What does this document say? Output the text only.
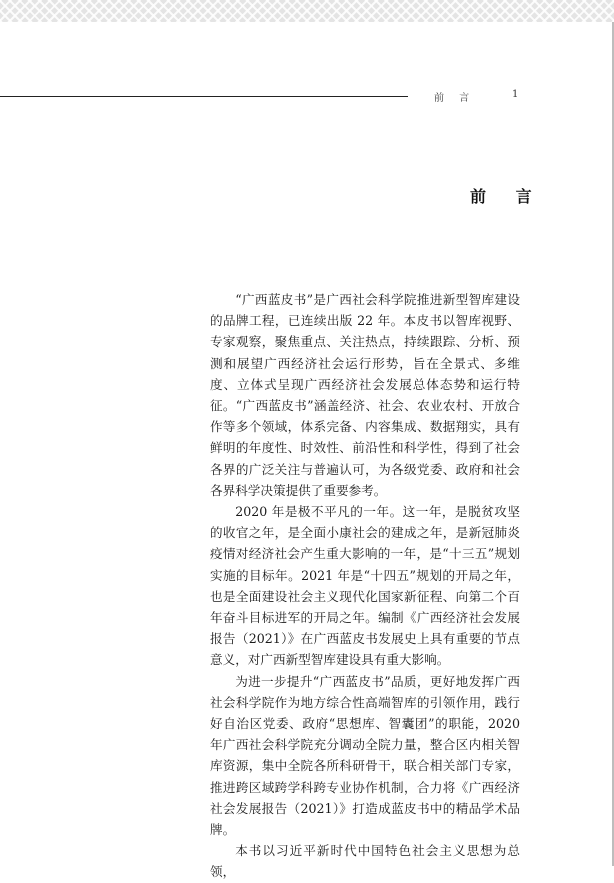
前 言	1
前 言

“广西蓝皮书”是广西社会科学院推进新型智库建设的品牌工程，已连续出版 22 年。本皮书以智库视野、专家观察，聚焦重点、关注热点，持续跟踪、分析、预测和展望广西经济社会运行形势，旨在全景式、多维度、立体式呈现广西经济社会发展总体态势和运行特征。“广西蓝皮书”涵盖经济、社会、农业农村、开放合作等多个领域，体系完备、内容集成、数据翔实，具有鲜明的年度性、时效性、前沿性和科学性，得到了社会各界的广泛关注与普遍认可，为各级党委、政府和社会各界科学决策提供了重要参考。

2020 年是极不平凡的一年。这一年，是脱贫攻坚的收官之年，是全面小康社会的建成之年，是新冠肺炎疫情对经济社会产生重大影响的一年，是“十三五”规划实施的目标年。2021 年是“十四五”规划的开局之年，也是全面建设社会主义现代化国家新征程、向第二个百年奋斗目标进军的开局之年。编制《广西经济社会发展报告（2021）》在广西蓝皮书发展史上具有重要的节点意义，对广西新型智库建设具有重大影响。

为进一步提升“广西蓝皮书”品质，更好地发挥广西社会科学院作为地方综合性高端智库的引领作用，践行好自治区党委、政府“思想库、智囊团”的职能，2020 年广西社会科学院充分调动全院力量，整合区内相关智库资源，集中全院各所科研骨干，联合相关部门专家，推进跨区域跨学科跨专业协作机制，合力将《广西经济社会发展报告（2021）》打造成蓝皮书中的精品学术品牌。

本书以习近平新时代中国特色社会主义思想为总领，
